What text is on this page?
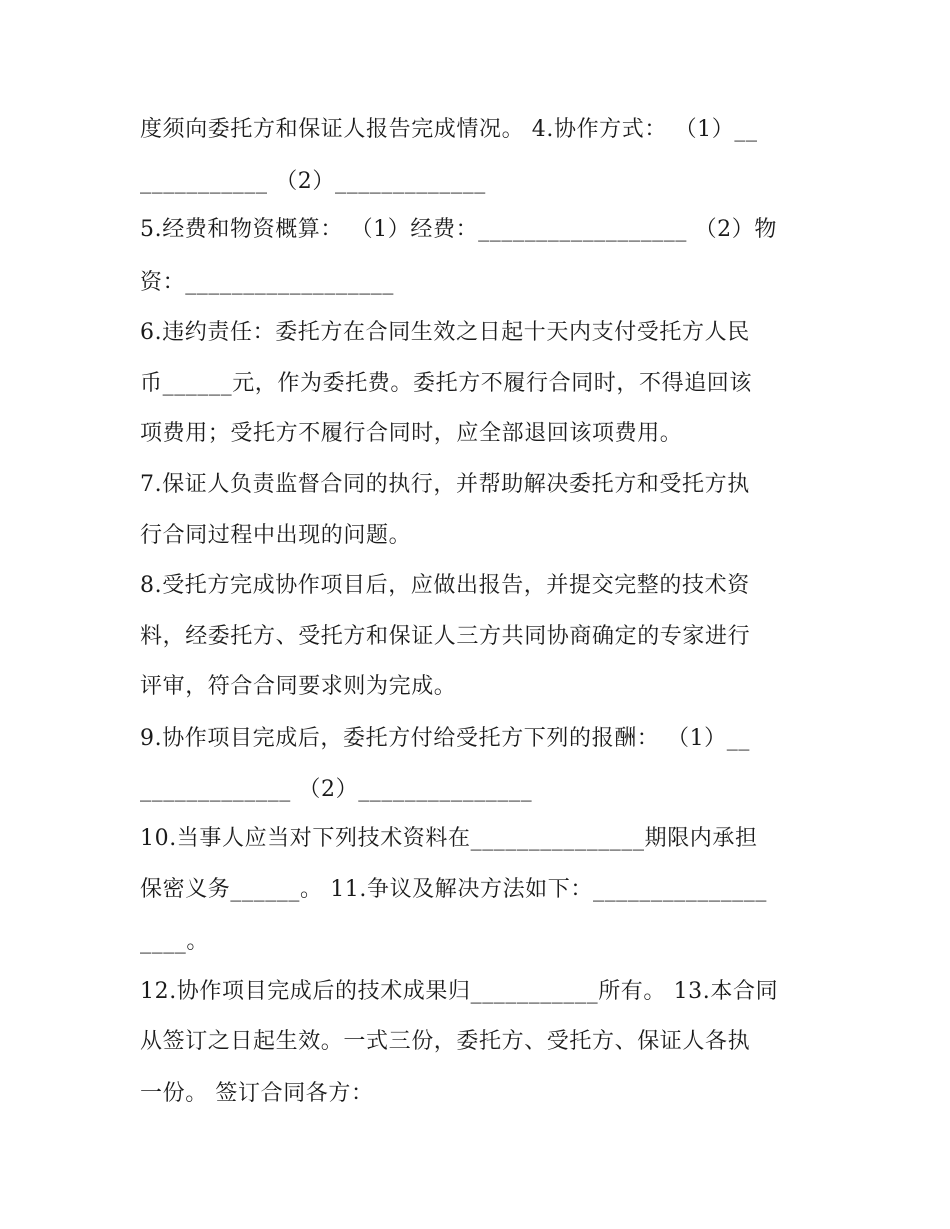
度须向委托方和保证人报告完成情况。 4.协作方式： （1）__
___________ （2）_____________
5.经费和物资概算： （1）经费：__________________ （2）物
资：__________________
6.违约责任：委托方在合同生效之日起十天内支付受托方人民
币______元，作为委托费。委托方不履行合同时，不得追回该
项费用；受托方不履行合同时，应全部退回该项费用。
7.保证人负责监督合同的执行，并帮助解决委托方和受托方执
行合同过程中出现的问题。
8.受托方完成协作项目后，应做出报告，并提交完整的技术资
料，经委托方、受托方和保证人三方共同协商确定的专家进行
评审，符合合同要求则为完成。
9.协作项目完成后，委托方付给受托方下列的报酬： （1）__
_____________ （2）_______________
10.当事人应当对下列技术资料在_______________期限内承担
保密义务______。 11.争议及解决方法如下：_______________
____。
12.协作项目完成后的技术成果归___________所有。 13.本合同
从签订之日起生效。一式三份，委托方、受托方、保证人各执
一份。 签订合同各方：
